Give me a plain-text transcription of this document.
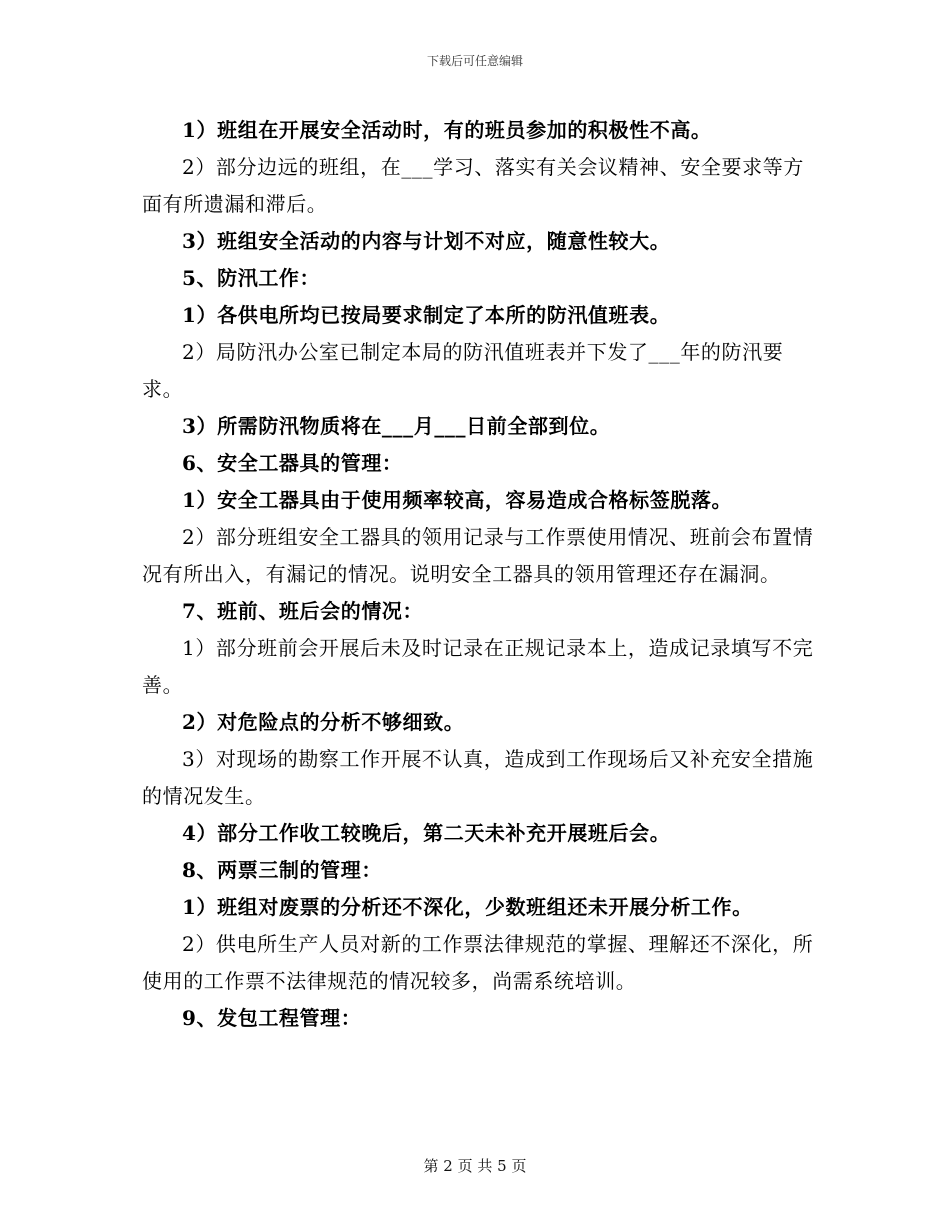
下载后可任意编辑

1）班组在开展安全活动时，有的班员参加的积极性不高。

2）部分边远的班组，在___学习、落实有关会议精神、安全要求等方面有所遗漏和滞后。

3）班组安全活动的内容与计划不对应，随意性较大。

5、防汛工作：

1）各供电所均已按局要求制定了本所的防汛值班表。

2）局防汛办公室已制定本局的防汛值班表并下发了___年的防汛要求。

3）所需防汛物质将在___月___日前全部到位。

6、安全工器具的管理：

1）安全工器具由于使用频率较高，容易造成合格标签脱落。

2）部分班组安全工器具的领用记录与工作票使用情况、班前会布置情况有所出入，有漏记的情况。说明安全工器具的领用管理还存在漏洞。

7、班前、班后会的情况：

1）部分班前会开展后未及时记录在正规记录本上，造成记录填写不完善。

2）对危险点的分析不够细致。

3）对现场的勘察工作开展不认真，造成到工作现场后又补充安全措施的情况发生。

4）部分工作收工较晚后，第二天未补充开展班后会。

8、两票三制的管理：

1）班组对废票的分析还不深化，少数班组还未开展分析工作。

2）供电所生产人员对新的工作票法律规范的掌握、理解还不深化，所使用的工作票不法律规范的情况较多，尚需系统培训。

9、发包工程管理：

第 2 页 共 5 页
